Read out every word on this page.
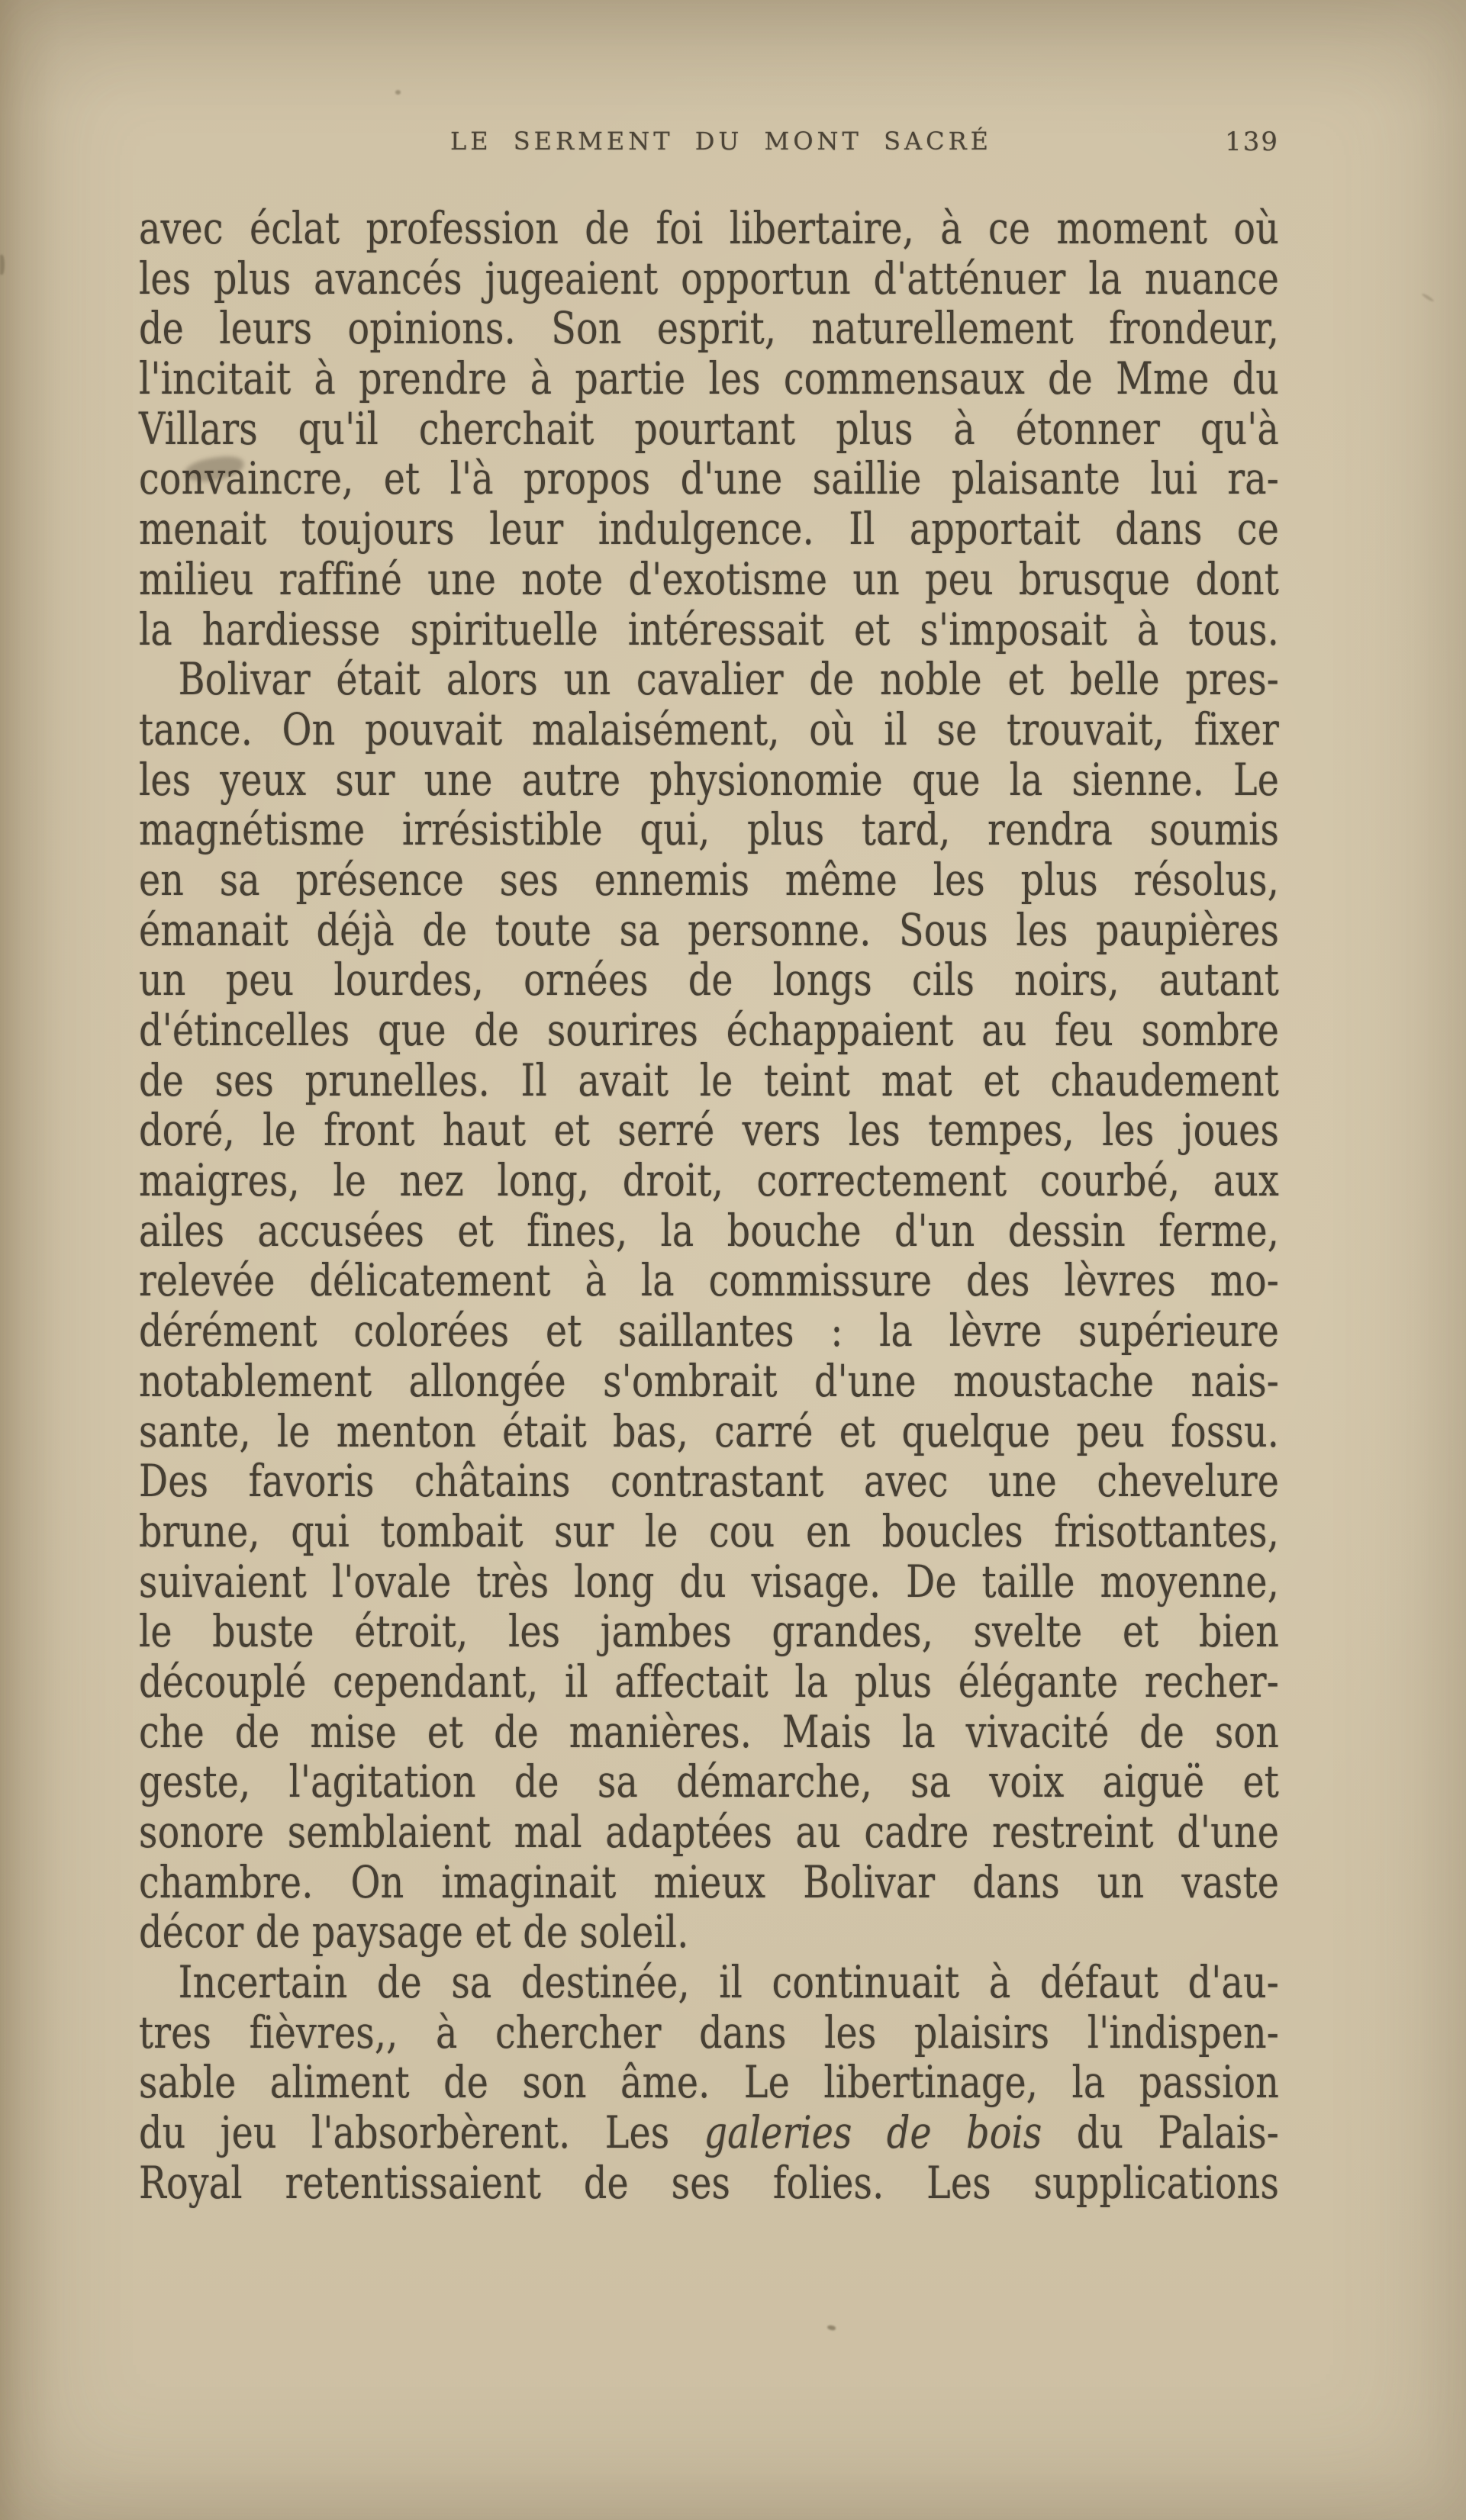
LE SERMENT DU MONT SACRÉ	139
avec éclat profession de foi libertaire, à ce moment où
les plus avancés jugeaient opportun d'atténuer la nuance
de leurs opinions. Son esprit, naturellement frondeur,
l'incitait à prendre à partie les commensaux de Mme du
Villars qu'il cherchait pourtant plus à étonner qu'à
convaincre, et l'à propos d'une saillie plaisante lui ra-
menait toujours leur indulgence. Il apportait dans ce
milieu raffiné une note d'exotisme un peu brusque dont
la hardiesse spirituelle intéressait et s'imposait à tous.
Bolivar était alors un cavalier de noble et belle pres-
tance. On pouvait malaisément, où il se trouvait, fixer
les yeux sur une autre physionomie que la sienne. Le
magnétisme irrésistible qui, plus tard, rendra soumis
en sa présence ses ennemis même les plus résolus,
émanait déjà de toute sa personne. Sous les paupières
un peu lourdes, ornées de longs cils noirs, autant
d'étincelles que de sourires échappaient au feu sombre
de ses prunelles. Il avait le teint mat et chaudement
doré, le front haut et serré vers les tempes, les joues
maigres, le nez long, droit, correctement courbé, aux
ailes accusées et fines, la bouche d'un dessin ferme,
relevée délicatement à la commissure des lèvres mo-
dérément colorées et saillantes : la lèvre supérieure
notablement allongée s'ombrait d'une moustache nais-
sante, le menton était bas, carré et quelque peu fossu.
Des favoris châtains contrastant avec une chevelure
brune, qui tombait sur le cou en boucles frisottantes,
suivaient l'ovale très long du visage. De taille moyenne,
le buste étroit, les jambes grandes, svelte et bien
découplé cependant, il affectait la plus élégante recher-
che de mise et de manières. Mais la vivacité de son
geste, l'agitation de sa démarche, sa voix aiguë et
sonore semblaient mal adaptées au cadre restreint d'une
chambre. On imaginait mieux Bolivar dans un vaste
décor de paysage et de soleil.
Incertain de sa destinée, il continuait à défaut d'au-
tres fièvres,, à chercher dans les plaisirs l'indispen-
sable aliment de son âme. Le libertinage, la passion
du jeu l'absorbèrent. Les galeries de bois du Palais-
Royal retentissaient de ses folies. Les supplications
